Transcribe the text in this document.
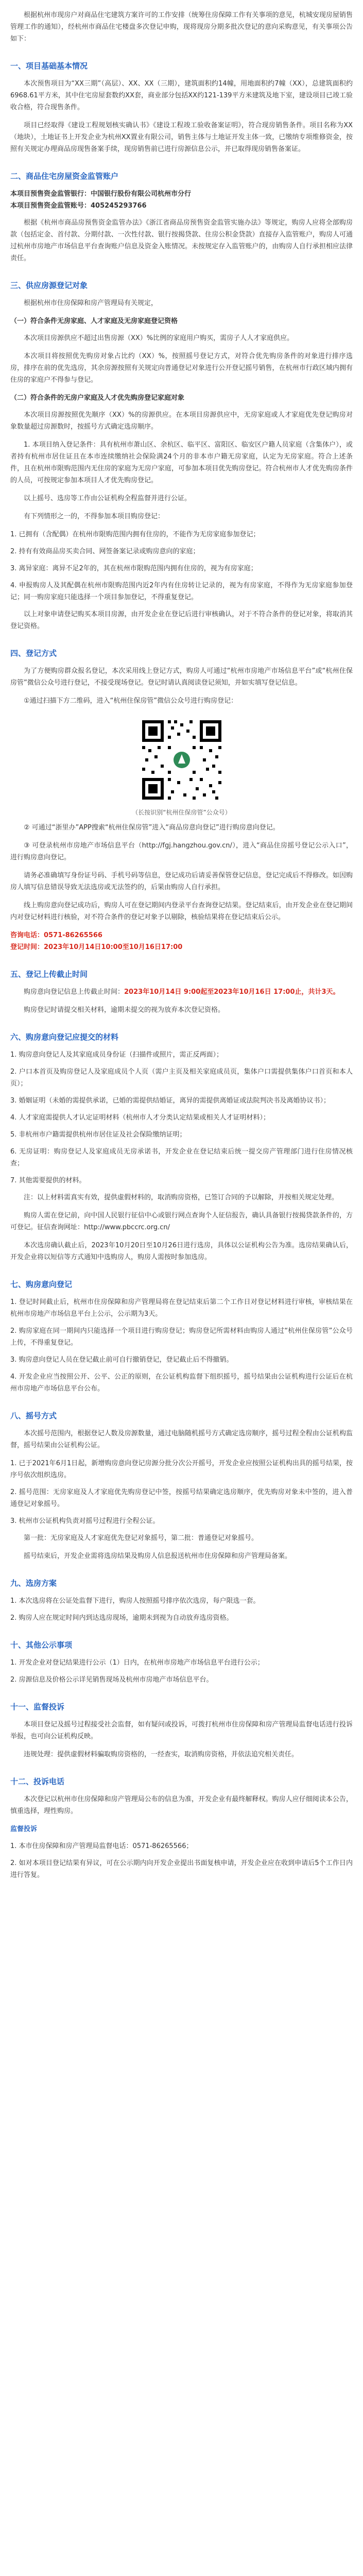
根据杭州市现房户对商品住宅建筑方案许可的工作安排（统筹住房保障工作有关事项的意见，杭城安现房屋销售管理工作的通知），经杭州市商品住宅楼盘多次登记申购，现将现房分期多批次登记的意向采购意见，有关事项公告如下：

一、项目基础基本情况

本次预售项目为“XX三期”（高层）、XX、XX（三期），建筑面积约14幢，用地面积约7幢（XX），总建筑面积约6968.61平方米，其中住宅房屋套数约XX套，商业部分包括XX约121-139平方米建筑及地下室，建设项目已竣工验收合格，符合现售条件。

项目已经取得《建设工程规划核实确认书》《建设工程竣工验收备案证明》，符合现房销售条件。项目名称为XX（地块），土地证书上开发企业为杭州XX置业有限公司，销售主体与土地证开发主体一致，已缴纳专项维修资金，按照有关规定办理商品房现售备案手续，现房销售前已进行房源信息公示，并已取得现房销售备案证。

二、商品住宅房屋资金监管账户

本项目预售资金监管银行：中国银行股份有限公司杭州市分行

本项目预售资金监管账号：405245293766

根据《杭州市商品房预售资金监管办法》《浙江省商品房预售资金监管实施办法》等规定，购房人应将全部购房款（包括定金、首付款、分期付款、一次性付款、银行按揭贷款、住房公积金贷款）直接存入监管账户，购房人可通过杭州市房地产市场信息平台查询账户信息及资金入账情况。未按规定存入监管账户的，由购房人自行承担相应法律责任。

三、供应房源登记对象

根据杭州市住房保障和房产管理局有关规定，

（一）符合条件无房家庭、人才家庭及无房家庭登记资格

本次项目房源供应不超过出售房源（XX）%比例的家庭用户购买，需房子人人才家庭供应。

本次项目将按照优先购房对象占比约（XX）%，按照摇号登记方式，对符合优先购房条件的对象进行排序选房，排序在前的优先选房，其余房源按照有关规定向普通登记对象进行公开登记摇号销售，在杭州市行政区域内拥有住房的家庭户不得参与登记。

（二）符合条件的无房户家庭及人才优先购房登记家庭对象

本次项目房源按照优先顺序（XX）%的房源供应。在本项目房源供应中，无房家庭或人才家庭优先登记购房对象数量超过房源数时，按摇号方式确定选房顺序。

1. 本项目纳入登记条件：具有杭州市萧山区、余杭区、临平区、富阳区、临安区户籍人员家庭（含集体户），或者持有杭州市居住证且在本市连续缴纳社会保险满24个月的非本市户籍无房家庭，认定为无房家庭。符合上述条件，且在杭州市限购范围内无住房的家庭为无房户家庭，可参加本项目优先购房登记。符合杭州市人才优先购房条件的人员，可按规定参加本项目人才优先购房登记。

以上摇号、选房等工作由公证机构全程监督并进行公证。

有下列情形之一的，不得参加本项目购房登记：

1. 已拥有（含配偶）在杭州市限购范围内拥有住房的，不能作为无房家庭参加登记；

2. 持有有效商品房买卖合同、网签备案记录或购房意向的家庭；

3. 离异家庭：离异不足2年的，其在杭州市限购范围内拥有住房的，视为有房家庭；

4. 申报购房人及其配偶在杭州市限购范围内近2年内有住房转让记录的，视为有房家庭，不得作为无房家庭参加登记；同一购房家庭只能选择一个项目参加登记，不得重复登记。

以上对象申请登记购买本项目房源，由开发企业在登记后进行审核确认，对于不符合条件的登记对象，将取消其登记资格。

四、登记方式

为了方便购房群众报名登记，本次采用线上登记方式，购房人可通过“杭州市房地产市场信息平台”或“杭州住保房管”微信公众号进行登记，不接受现场登记。登记时请认真阅读登记须知，并如实填写登记信息。

①通过扫描下方二维码，进入“杭州住保房管”微信公众号进行购房登记：

（长按识别“杭州住保房管”公众号）

② 可通过“浙里办”APP搜索“杭州住保房管”进入“商品房意向登记”进行购房意向登记。

③ 可登录杭州市房地产市场信息平台（http://fgj.hangzhou.gov.cn/），进入“商品住房摇号登记公示入口”，进行购房意向登记。

请务必准确填写身份证号码、手机号码等信息，登记成功后请妥善保管登记信息，登记完成后不得修改。如因购房人填写信息错误导致无法选房或无法签约的，后果由购房人自行承担。

线上购房意向登记成功后，购房人可在登记期间内登录平台查询登记结果。登记结束后，由开发企业在登记期间内对登记材料进行核验，对不符合条件的登记对象予以剔除，核验结果将在登记结束后公示。

咨询电话：0571-86265566

登记时间：2023年10月14日10:00至10月16日17:00

五、登记上传截止时间

购房意向登记信息上传截止时间：2023年10月14日 9:00起至2023年10月16日 17:00止，共计3天。

购房登记时请提交相关材料，逾期未提交的视为放弃本次登记资格。

六、购房意向登记应提交的材料

1. 购房意向登记人及其家庭成员身份证（扫描件或照片，需正反两面）；

2. 户口本首页及购房登记人及家庭成员个人页（需户主页及相关家庭成员页，集体户口需提供集体户口首页和本人页）；

3. 婚姻证明（未婚的需提供承诺，已婚的需提供结婚证，离异的需提供离婚证或法院判决书及离婚协议书）；

4. 人才家庭需提供人才认定证明材料（杭州市人才分类认定结果或相关人才证明材料）；

5. 非杭州市户籍需提供杭州市居住证及社会保险缴纳证明；

6. 无房证明：购房登记人及家庭成员无房承诺书，开发企业在登记结束后统一提交房产管理部门进行住房情况核查；

7. 其他需要提供的材料。

注：以上材料需真实有效，提供虚假材料的，取消购房资格，已签订合同的予以解除，并按相关规定处理。

购房人需在登记前，向中国人民银行征信中心或银行网点查询个人征信报告，确认具备银行按揭贷款条件的，方可登记。征信查询网址：http://www.pbccrc.org.cn/

本次选房确认截止后，2023年10月20日至10月26日进行选房，具体以公证机构公告为准。选房结果确认后，开发企业将以短信等方式通知中选购房人，购房人需按时参加选房。

七、购房意向登记

1. 登记时间截止后，杭州市住房保障和房产管理局将在登记结束后第二个工作日对登记材料进行审核，审核结果在杭州市房地产市场信息平台上公示，公示期为3天。

2. 购房家庭在同一期间内只能选择一个项目进行购房登记；购房登记所需材料由购房人通过“杭州住保房管”公众号上传，不得重复登记。

3. 购房意向登记人员在登记截止前可自行撤销登记，登记截止后不得撤销。

4. 开发企业应当按照公开、公平、公正的原则，在公证机构监督下组织摇号，摇号结果由公证机构进行公证后在杭州市房地产市场信息平台公布。

八、摇号方式

本次摇号范围内，根据登记人数及房源数量，通过电脑随机摇号方式确定选房顺序，摇号过程全程由公证机构监督，摇号结果由公证机构公证。

1. 已于2021年6月1日起，新增购房意向登记房源分批分次公开摇号，开发企业应按照公证机构出具的摇号结果，按序号依次组织选房。

2. 摇号范围：无房家庭及人才家庭优先购房登记中签，按摇号结果确定选房顺序，优先购房对象未中签的，进入普通登记对象摇号。

3. 杭州市公证机构负责对摇号过程进行全程公证。

第一批：无房家庭及人才家庭优先登记对象摇号，第二批：普通登记对象摇号。

摇号结束后，开发企业需将选房结果及购房人信息报送杭州市住房保障和房产管理局备案。

九、选房方案

1. 本次选房将在公证处监督下进行，购房人按照摇号排序依次选房，每户限选一套。

2. 购房人应在规定时间内到达选房现场，逾期未到视为自动放弃选房资格。

十、其他公示事项

1. 开发企业对登记结果进行公示（1）日内，在杭州市房地产市场信息平台进行公示；

2. 房源信息及价格公示详见销售现场及杭州市房地产市场信息平台。

十一、监督投诉

本项目登记及摇号过程接受社会监督，如有疑问或投诉，可拨打杭州市住房保障和房产管理局监督电话进行投诉举报，也可向公证机构反映。

违规处理：提供虚假材料骗取购房资格的，一经查实，取消购房资格，并依法追究相关责任。

十二、投诉电话

本次登记以杭州市住房保障和房产管理局公布的信息为准，开发企业有最终解释权。购房人应仔细阅读本公告，慎重选择，理性购房。

监督投诉

1. 本市住房保障和房产管理局监督电话：0571-86265566；

2. 如对本项目登记结果有异议，可在公示期内向开发企业提出书面复核申请，开发企业应在收到申请后5个工作日内进行答复。
